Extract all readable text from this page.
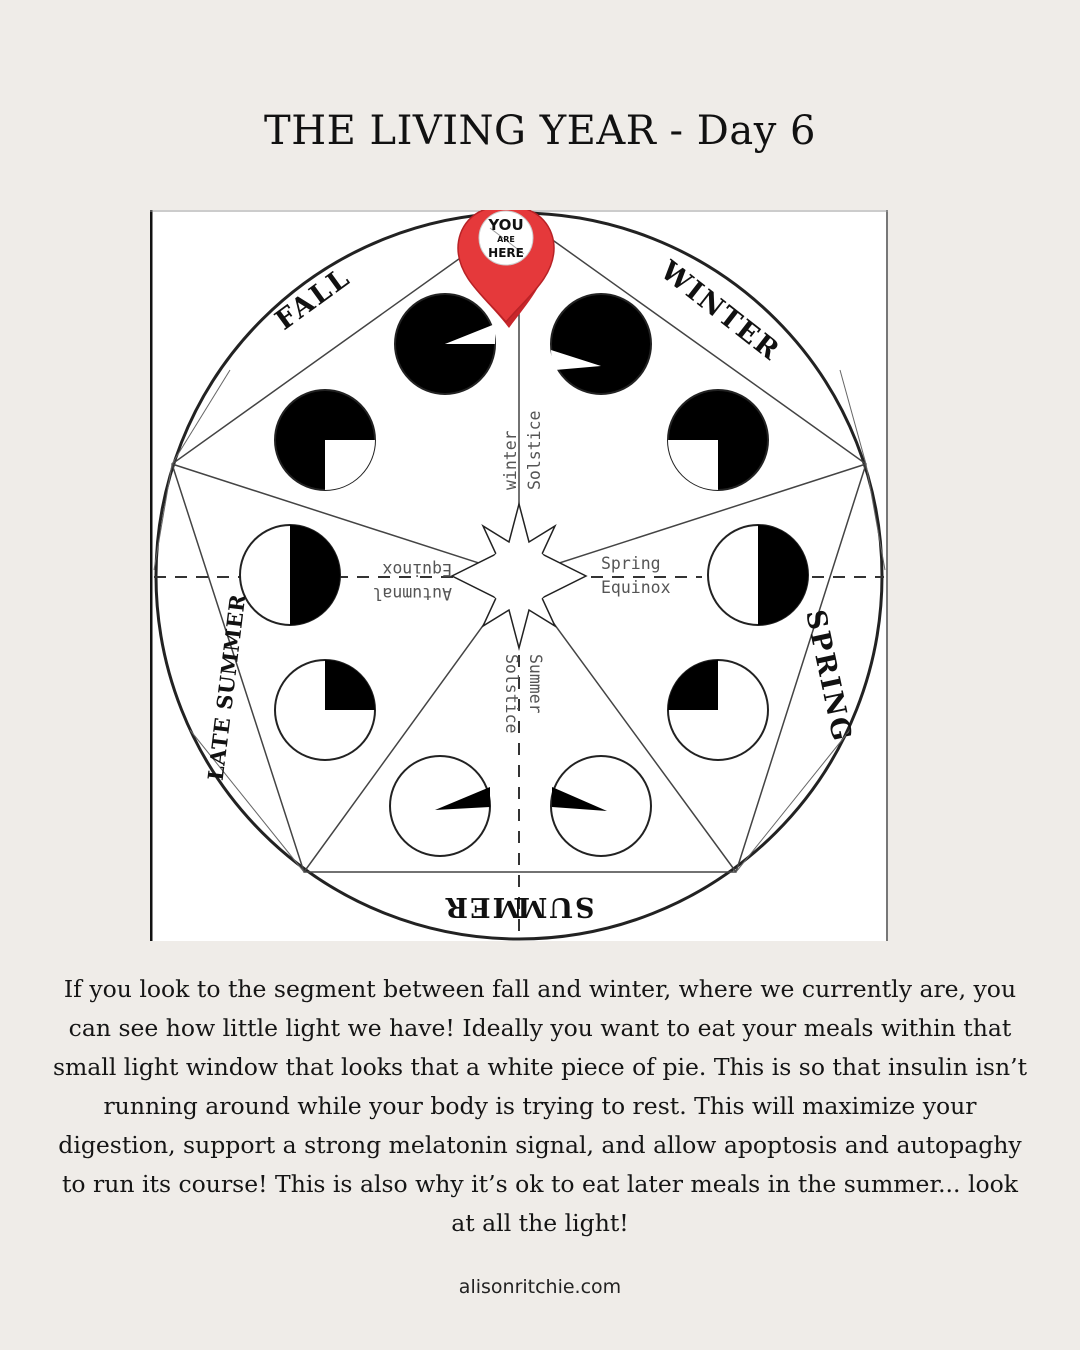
THE LIVING YEAR - Day 6
FALL	WINTER
SPRING
LATE SUMMER
SUM
MER
winter Solstice
Spring
Equinox
Autumnal
Equinox
Summer
Solstice
YOU
ARE
HERE
If you look to the segment between fall and winter, where we currently are, you can see how little light we have! Ideally you want to eat your meals within that small light window that looks that a white piece of pie. This is so that insulin isn’t running around while your body is trying to rest. This will maximize your digestion, support a strong melatonin signal, and allow apoptosis and autopaghy to run its course! This is also why it’s ok to eat later meals in the summer... look at all the light!
alisonritchie.com
